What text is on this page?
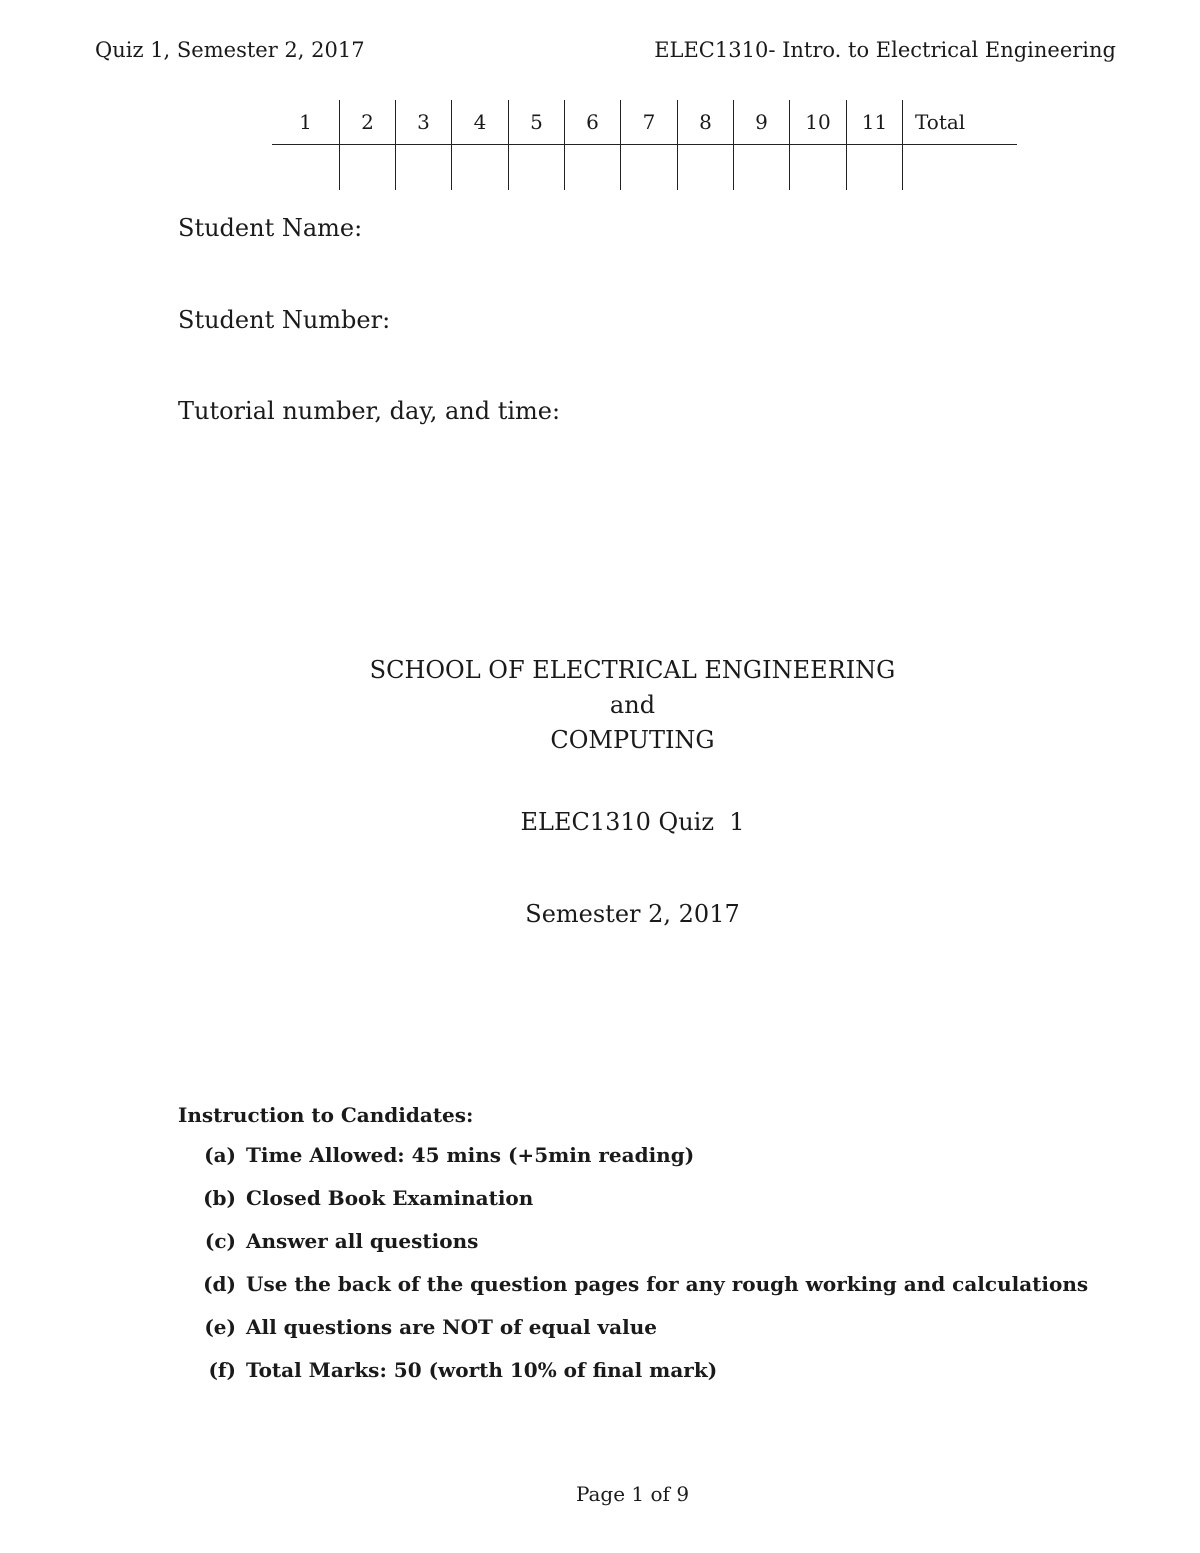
Quiz 1, Semester 2, 2017	ELEC1310- Intro. to Electrical Engineering
1	2	3	4	5	6	7	8	9	10	11	Total

Student Name:
Student Number:
Tutorial number, day, and time:
SCHOOL OF ELECTRICAL ENGINEERING
and
COMPUTING
ELEC1310 Quiz  1
Semester 2, 2017
Instruction to Candidates:
(a) Time Allowed: 45 mins (+5min reading)
(b) Closed Book Examination
(c) Answer all questions
(d) Use the back of the question pages for any rough working and calculations
(e) All questions are NOT of equal value
(f) Total Marks: 50 (worth 10% of final mark)
Page 1 of 9
